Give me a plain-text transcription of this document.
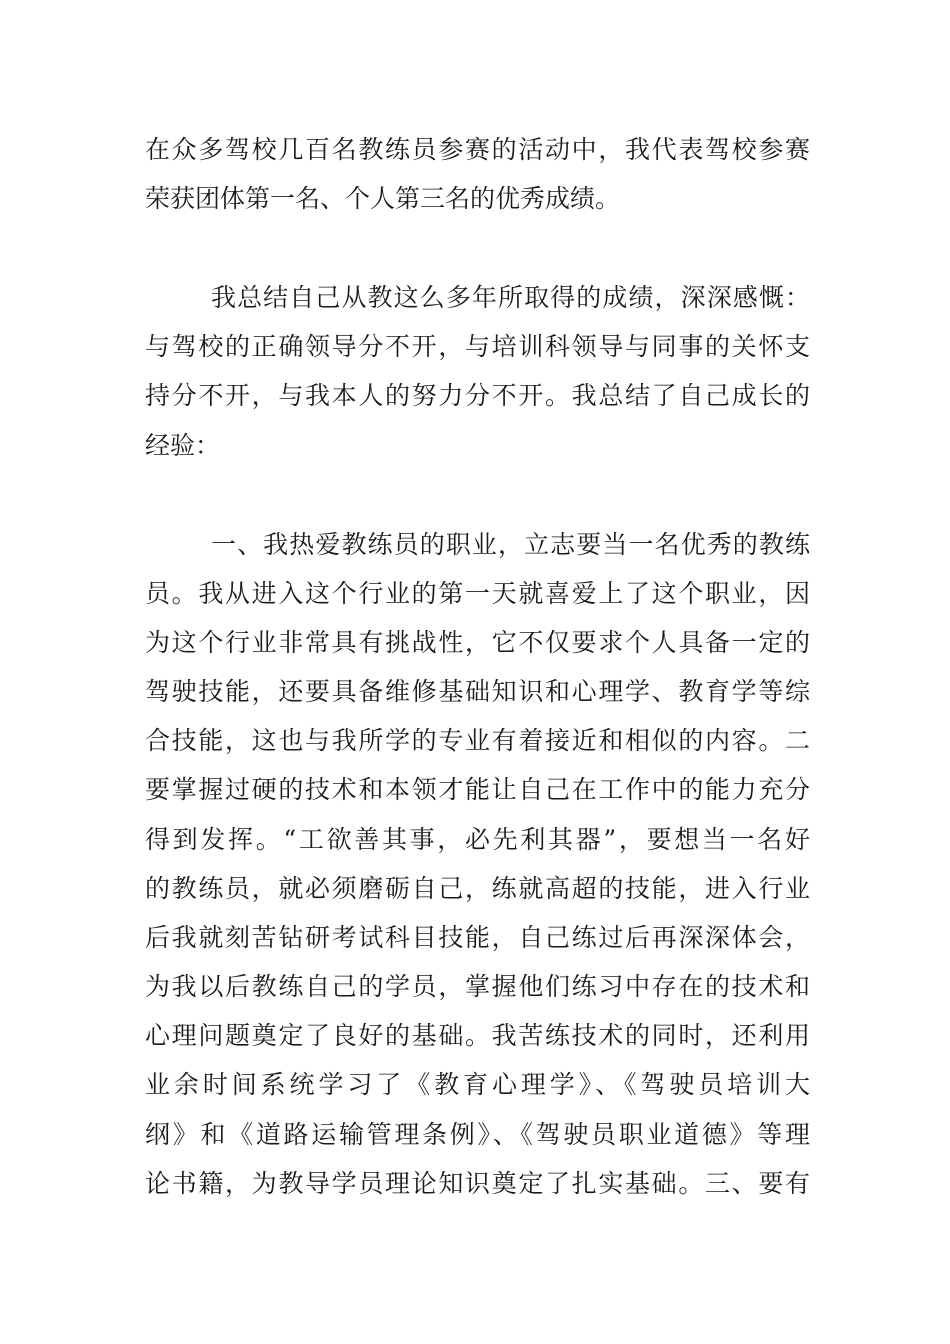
在众多驾校几百名教练员参赛的活动中，我代表驾校参赛
荣获团体第一名、个人第三名的优秀成绩。
我总结自己从教这么多年所取得的成绩，深深感慨：
与驾校的正确领导分不开，与培训科领导与同事的关怀支
持分不开，与我本人的努力分不开。我总结了自己成长的
经验：
一、我热爱教练员的职业，立志要当一名优秀的教练
员。我从进入这个行业的第一天就喜爱上了这个职业，因
为这个行业非常具有挑战性，它不仅要求个人具备一定的
驾驶技能，还要具备维修基础知识和心理学、教育学等综
合技能，这也与我所学的专业有着接近和相似的内容。二
要掌握过硬的技术和本领才能让自己在工作中的能力充分
得到发挥。“工欲善其事，必先利其器”，要想当一名好
的教练员，就必须磨砺自己，练就高超的技能，进入行业
后我就刻苦钻研考试科目技能，自己练过后再深深体会，
为我以后教练自己的学员，掌握他们练习中存在的技术和
心理问题奠定了良好的基础。我苦练技术的同时，还利用
业余时间系统学习了《教育心理学》、《驾驶员培训大
纲》和《道路运输管理条例》、《驾驶员职业道德》等理
论书籍，为教导学员理论知识奠定了扎实基础。三、要有
